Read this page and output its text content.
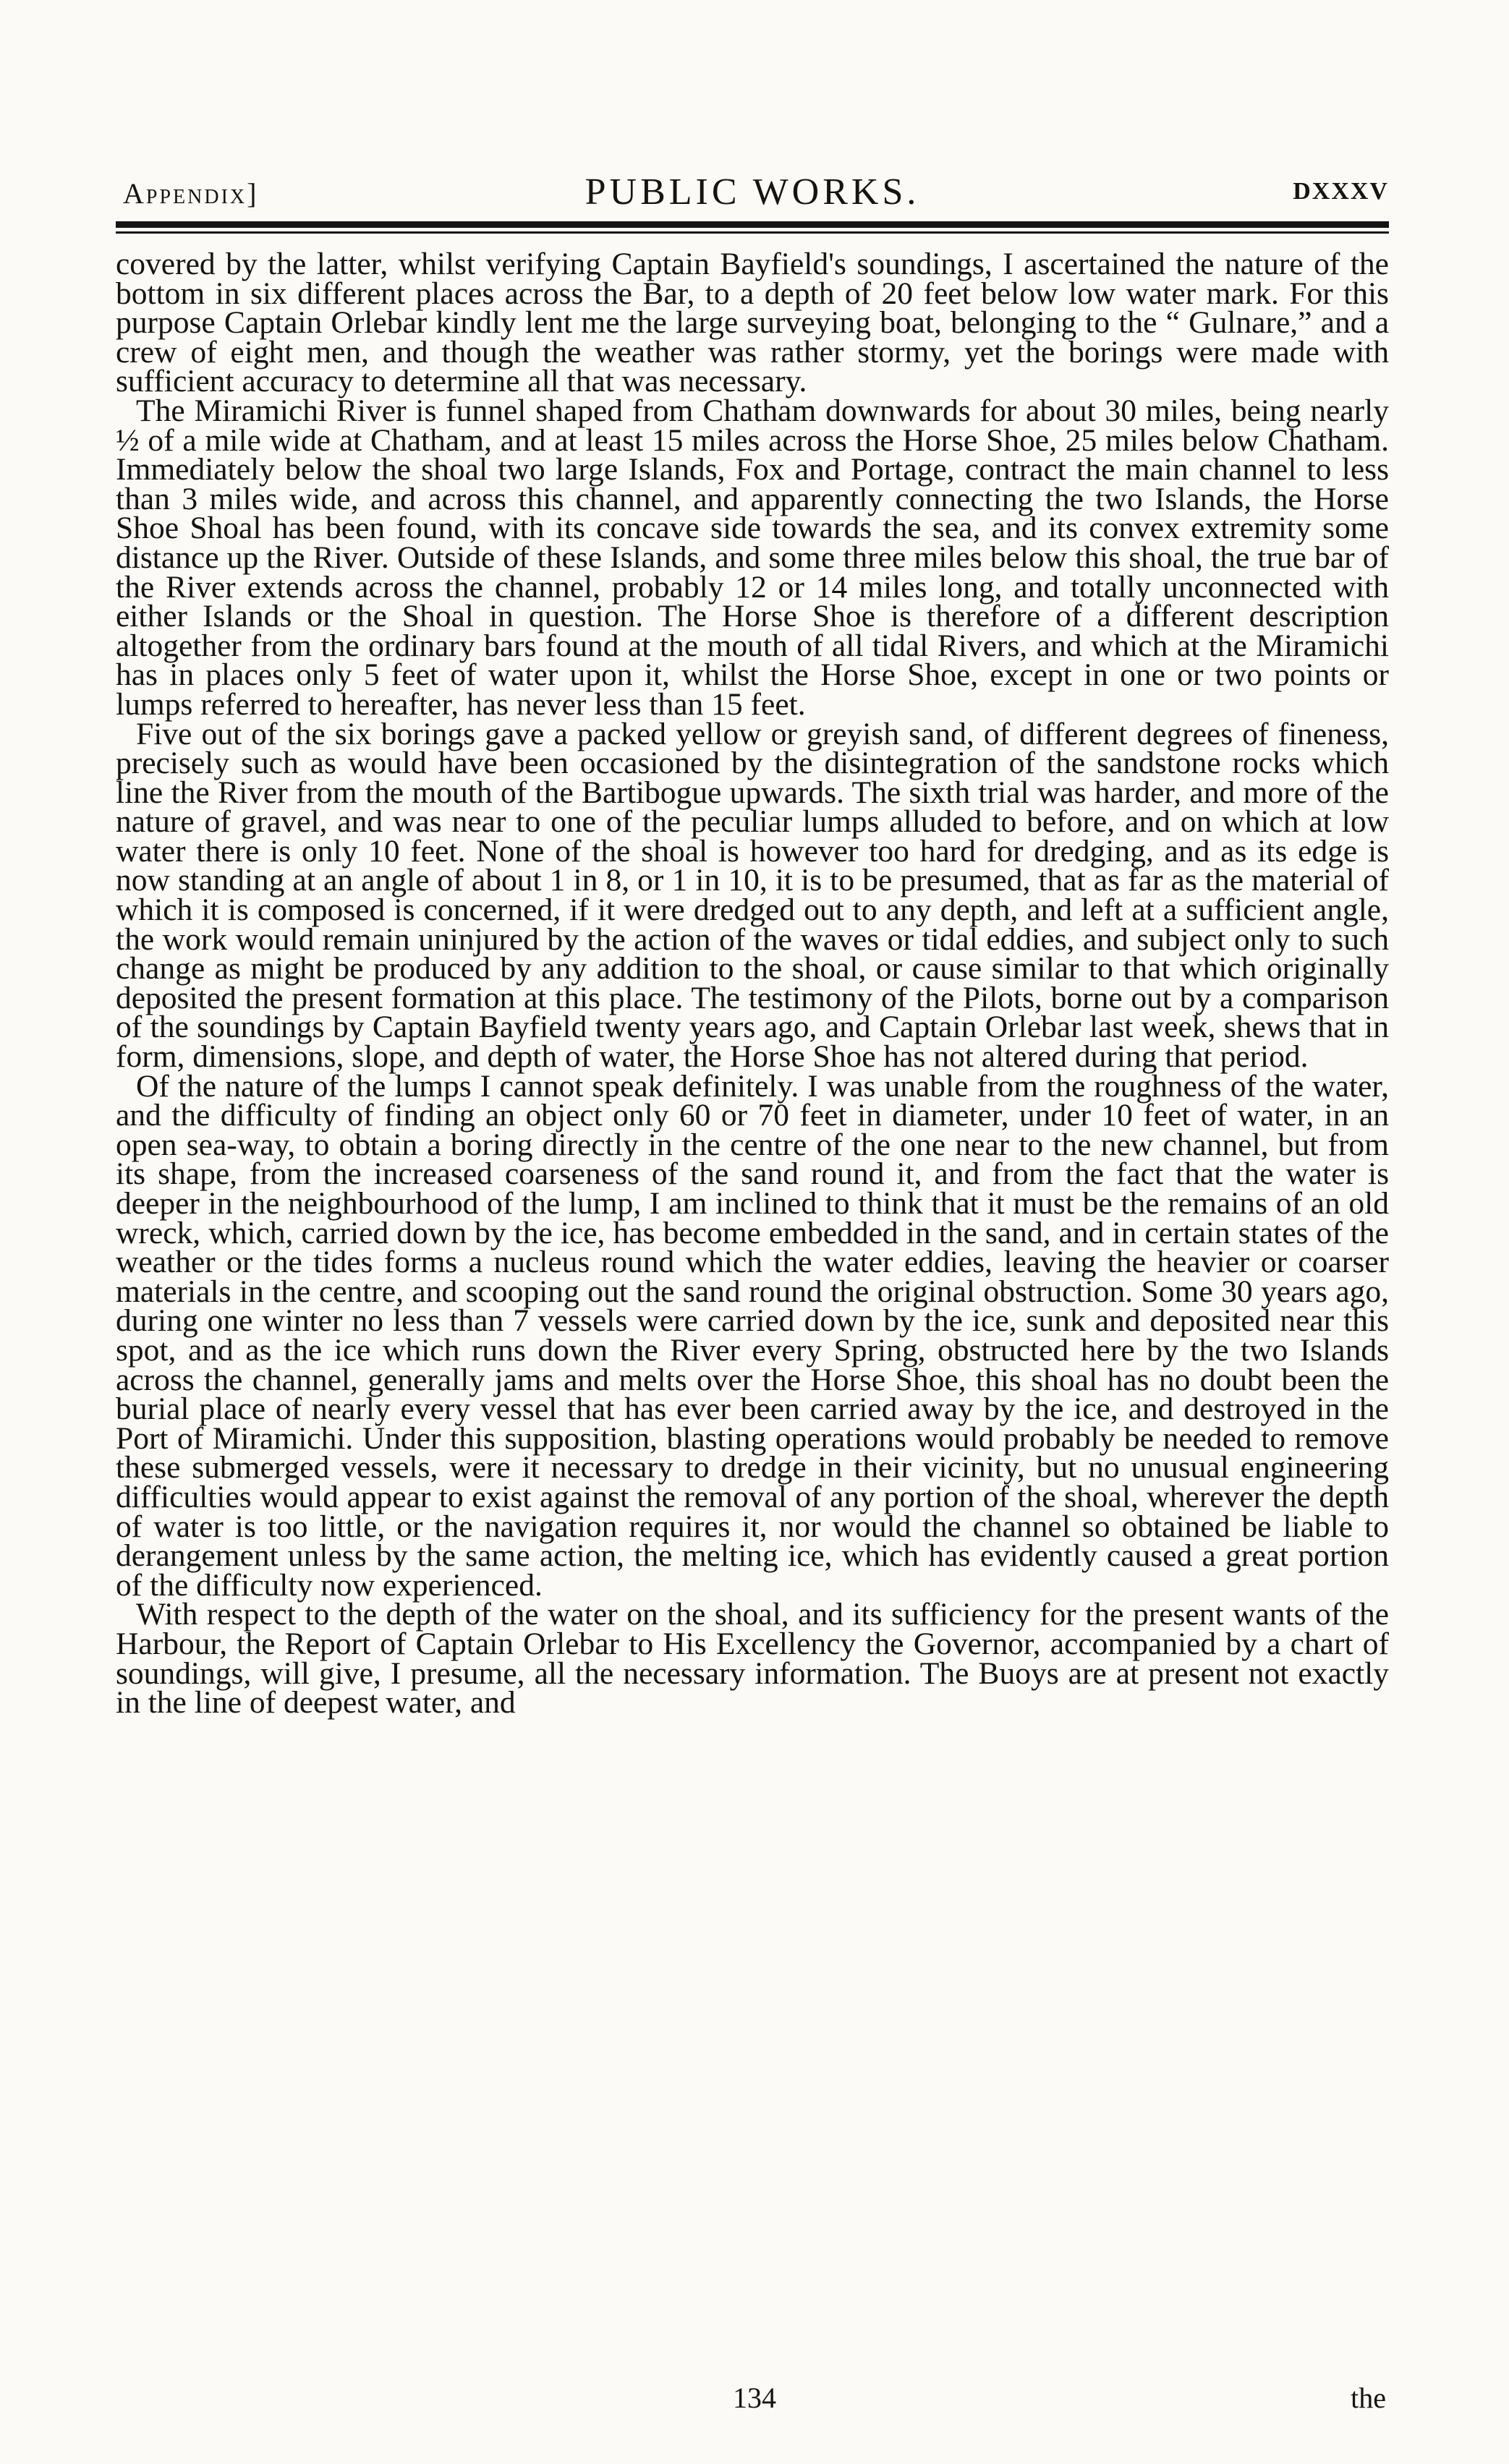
Appendix]	PUBLIC WORKS.	DXXXV

covered by the latter, whilst verifying Captain Bayfield's soundings, I ascertained the nature of the bottom in six different places across the Bar, to a depth of 20 feet below low water mark. For this purpose Captain Orlebar kindly lent me the large surveying boat, belonging to the “ Gulnare,” and a crew of eight men, and though the weather was rather stormy, yet the borings were made with sufficient accuracy to determine all that was necessary.

The Miramichi River is funnel shaped from Chatham downwards for about 30 miles, being nearly ½ of a mile wide at Chatham, and at least 15 miles across the Horse Shoe, 25 miles below Chatham. Immediately below the shoal two large Islands, Fox and Portage, contract the main channel to less than 3 miles wide, and across this channel, and apparently connecting the two Islands, the Horse Shoe Shoal has been found, with its concave side towards the sea, and its convex extremity some distance up the River. Outside of these Islands, and some three miles below this shoal, the true bar of the River extends across the channel, probably 12 or 14 miles long, and totally unconnected with either Islands or the Shoal in question. The Horse Shoe is therefore of a different description altogether from the ordinary bars found at the mouth of all tidal Rivers, and which at the Miramichi has in places only 5 feet of water upon it, whilst the Horse Shoe, except in one or two points or lumps referred to hereafter, has never less than 15 feet.

Five out of the six borings gave a packed yellow or greyish sand, of different degrees of fineness, precisely such as would have been occasioned by the disintegration of the sandstone rocks which line the River from the mouth of the Bartibogue upwards. The sixth trial was harder, and more of the nature of gravel, and was near to one of the peculiar lumps alluded to before, and on which at low water there is only 10 feet. None of the shoal is however too hard for dredging, and as its edge is now standing at an angle of about 1 in 8, or 1 in 10, it is to be presumed, that as far as the material of which it is composed is concerned, if it were dredged out to any depth, and left at a sufficient angle, the work would remain uninjured by the action of the waves or tidal eddies, and subject only to such change as might be produced by any addition to the shoal, or cause similar to that which originally deposited the present formation at this place. The testimony of the Pilots, borne out by a comparison of the soundings by Captain Bayfield twenty years ago, and Captain Orlebar last week, shews that in form, dimensions, slope, and depth of water, the Horse Shoe has not altered during that period.

Of the nature of the lumps I cannot speak definitely. I was unable from the roughness of the water, and the difficulty of finding an object only 60 or 70 feet in diameter, under 10 feet of water, in an open sea-way, to obtain a boring directly in the centre of the one near to the new channel, but from its shape, from the increased coarseness of the sand round it, and from the fact that the water is deeper in the neighbourhood of the lump, I am inclined to think that it must be the remains of an old wreck, which, carried down by the ice, has become embedded in the sand, and in certain states of the weather or the tides forms a nucleus round which the water eddies, leaving the heavier or coarser materials in the centre, and scooping out the sand round the original obstruction. Some 30 years ago, during one winter no less than 7 vessels were carried down by the ice, sunk and deposited near this spot, and as the ice which runs down the River every Spring, obstructed here by the two Islands across the channel, generally jams and melts over the Horse Shoe, this shoal has no doubt been the burial place of nearly every vessel that has ever been carried away by the ice, and destroyed in the Port of Miramichi. Under this supposition, blasting operations would probably be needed to remove these submerged vessels, were it necessary to dredge in their vicinity, but no unusual engineering difficulties would appear to exist against the removal of any portion of the shoal, wherever the depth of water is too little, or the navigation requires it, nor would the channel so obtained be liable to derangement unless by the same action, the melting ice, which has evidently caused a great portion of the difficulty now experienced.

With respect to the depth of the water on the shoal, and its sufficiency for the present wants of the Harbour, the Report of Captain Orlebar to His Excellency the Governor, accompanied by a chart of soundings, will give, I presume, all the necessary information. The Buoys are at present not exactly in the line of deepest water, and

134	the
